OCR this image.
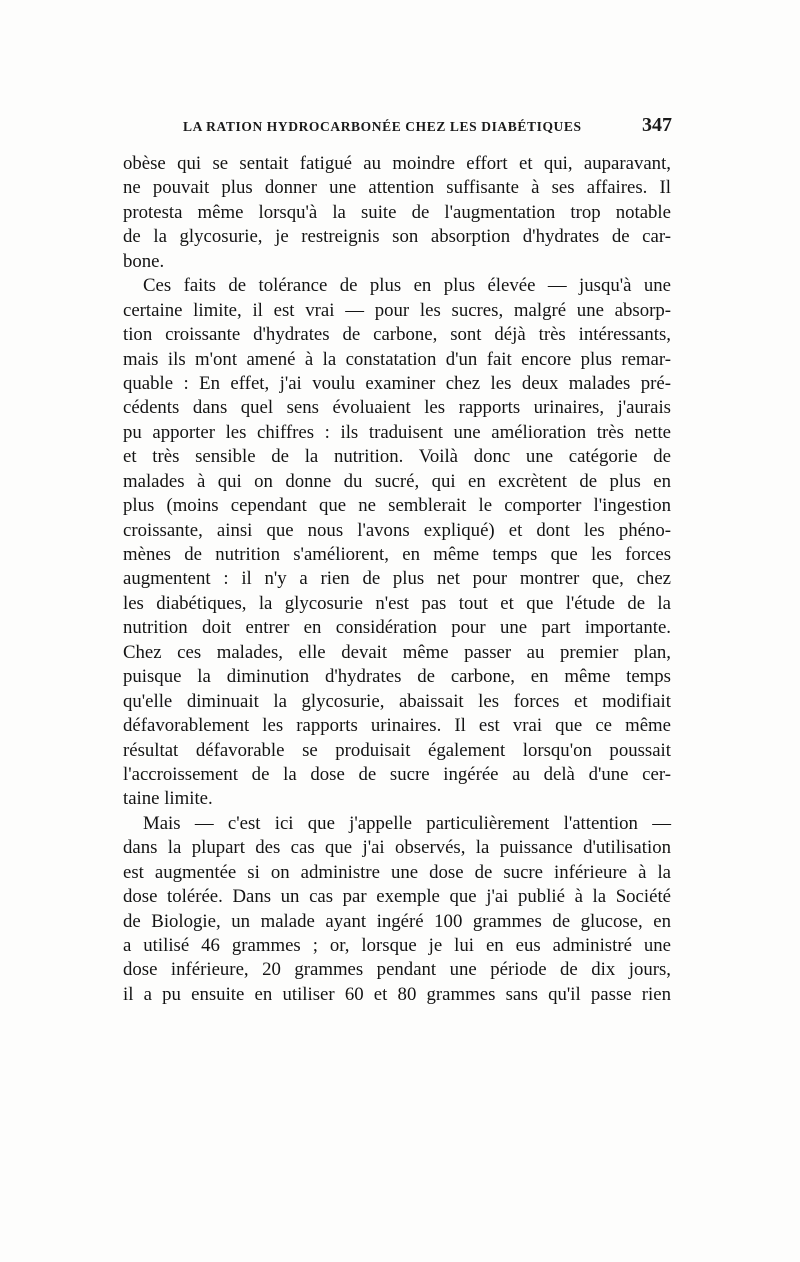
LA RATION HYDROCARBONÉE CHEZ LES DIABÉTIQUES	347
obèse qui se sentait fatigué au moindre effort et qui, auparavant,
ne pouvait plus donner une attention suffisante à ses affaires. Il
protesta même lorsqu'à la suite de l'augmentation trop notable
de la glycosurie, je restreignis son absorption d'hydrates de car-
bone.
Ces faits de tolérance de plus en plus élevée — jusqu'à une
certaine limite, il est vrai — pour les sucres, malgré une absorp-
tion croissante d'hydrates de carbone, sont déjà très intéressants,
mais ils m'ont amené à la constatation d'un fait encore plus remar-
quable : En effet, j'ai voulu examiner chez les deux malades pré-
cédents dans quel sens évoluaient les rapports urinaires, j'aurais
pu apporter les chiffres : ils traduisent une amélioration très nette
et très sensible de la nutrition. Voilà donc une catégorie de
malades à qui on donne du sucré, qui en excrètent de plus en
plus (moins cependant que ne semblerait le comporter l'ingestion
croissante, ainsi que nous l'avons expliqué) et dont les phéno-
mènes de nutrition s'améliorent, en même temps que les forces
augmentent : il n'y a rien de plus net pour montrer que, chez
les diabétiques, la glycosurie n'est pas tout et que l'étude de la
nutrition doit entrer en considération pour une part importante.
Chez ces malades, elle devait même passer au premier plan,
puisque la diminution d'hydrates de carbone, en même temps
qu'elle diminuait la glycosurie, abaissait les forces et modifiait
défavorablement les rapports urinaires. Il est vrai que ce même
résultat défavorable se produisait également lorsqu'on poussait
l'accroissement de la dose de sucre ingérée au delà d'une cer-
taine limite.
Mais — c'est ici que j'appelle particulièrement l'attention —
dans la plupart des cas que j'ai observés, la puissance d'utilisation
est augmentée si on administre une dose de sucre inférieure à la
dose tolérée. Dans un cas par exemple que j'ai publié à la Société
de Biologie, un malade ayant ingéré 100 grammes de glucose, en
a utilisé 46 grammes ; or, lorsque je lui en eus administré une
dose inférieure, 20 grammes pendant une période de dix jours,
il a pu ensuite en utiliser 60 et 80 grammes sans qu'il passe rien
